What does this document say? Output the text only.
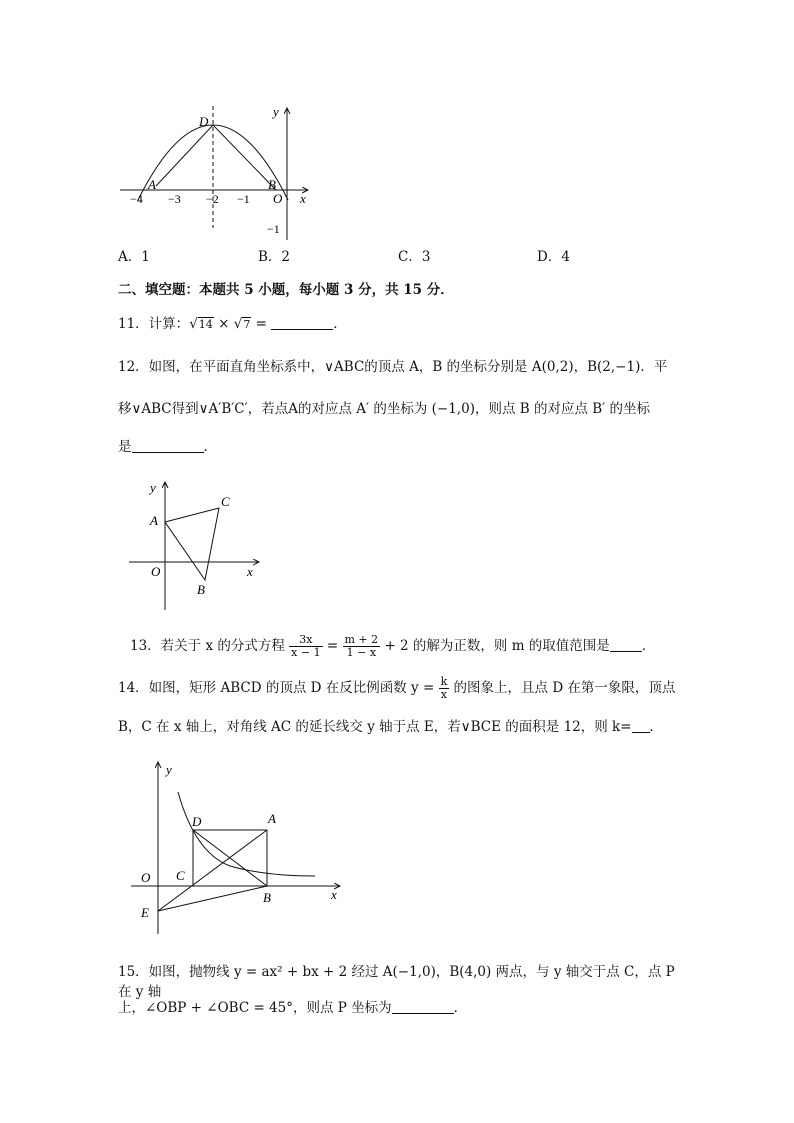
y
x
O
D
A	B
−4 −3 −2 −1
−1
A．1	B．2	C．3	D．4
二、填空题：本题共 5 小题，每小题 3 分，共 15 分．
11．计算：√14 × √7 =	．
12．如图，在平面直角坐标系中，∨ABC的顶点 A，B 的坐标分别是 A(0,2)，B(2,−1)．平
移∨ABC得到∨A′B′C′，若点A的对应点 A′ 的坐标为 (−1,0)，则点 B 的对应点 B′ 的坐标
是	．
y
x
O
A
B
C
13．若关于 x 的分式方程 $\frac{3x}{x - 1} = \frac{m + 2}{1 - x} + 2$ 的解为正数，则 m 的取值范围是 ．
14．如图，矩形 ABCD 的顶点 D 在反比例函数 $y = \frac{k}{x}$ 的图象上，且点 D 在第一象限，顶点
B，C 在 x 轴上，对角线 AC 的延长线交 y 轴于点 E，若∨BCE 的面积是 12，则 k= ．
y
x
O
D	A
C
B
E
15．如图，抛物线 y = ax² + bx + 2 经过 A(−1,0)，B(4,0) 两点，与 y 轴交于点 C，点 P 在 y 轴
上，∠OBP + ∠OBC = 45°，则点 P 坐标为	．
